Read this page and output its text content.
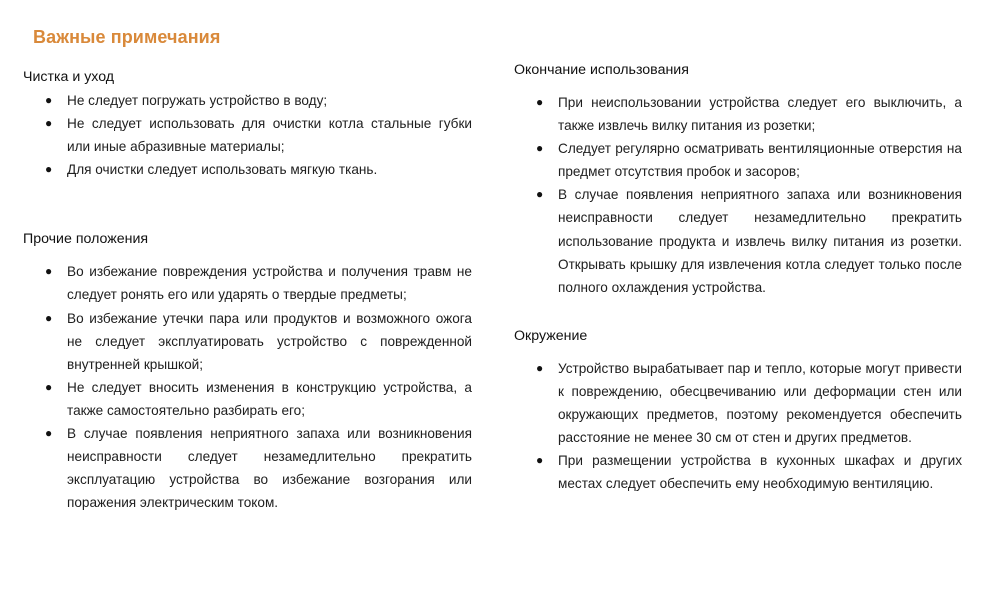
Важные примечания
Чистка и уход
● Не следует погружать устройство в воду;
● Не следует использовать для очистки котла стальные губки или иные абразивные материалы;
● Для очистки следует использовать мягкую ткань.
Прочие положения
● Во избежание повреждения устройства и получения травм не следует ронять его или ударять о твердые предметы;
● Во избежание утечки пара или продуктов и возможного ожога не следует эксплуатировать устройство с поврежденной внутренней крышкой;
● Не следует вносить изменения в конструкцию устройства, а также самостоятельно разбирать его;
● В случае появления неприятного запаха или возникновения неисправности следует незамедлительно прекратить эксплуатацию устройства во избежание возгорания или поражения электрическим током.
Окончание использования
● При неиспользовании устройства следует его выключить, а также извлечь вилку питания из розетки;
● Следует регулярно осматривать вентиляционные отверстия на предмет отсутствия пробок и засоров;
● В случае появления неприятного запаха или возникновения неисправности следует незамедлительно прекратить использование продукта и извлечь вилку питания из розетки. Открывать крышку для извлечения котла следует только после полного охлаждения устройства.
Окружение
● Устройство вырабатывает пар и тепло, которые могут привести к повреждению, обесцвечиванию или деформации стен или окружающих предметов, поэтому рекомендуется обеспечить расстояние не менее 30 см от стен и других предметов.
● При размещении устройства в кухонных шкафах и других местах следует обеспечить ему необходимую вентиляцию.
